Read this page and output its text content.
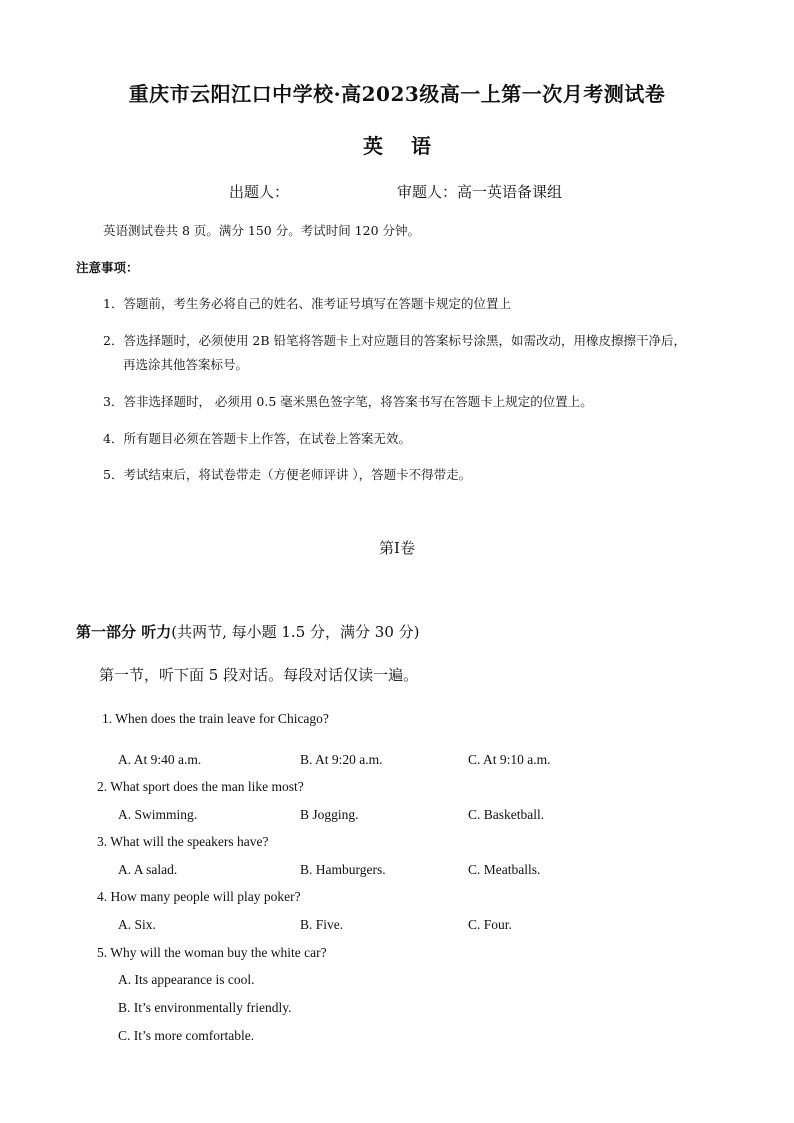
重庆市云阳江口中学校·高2023级高一上第一次月考测试卷
英语
出题人：	审题人：高一英语备课组
英语测试卷共 8 页。满分 150 分。考试时间 120 分钟。
注意事项：
1．答题前，考生务必将自己的姓名、准考证号填写在答题卡规定的位置上
2．答选择题时，必须使用 2B 铅笔将答题卡上对应题目的答案标号涂黑，如需改动，用橡皮擦擦干净后，
再选涂其他答案标号。
3．答非选择题时， 必须用 0.5 毫米黑色签字笔，将答案书写在答题卡上规定的位置上。
4．所有题目必须在答题卡上作答，在试卷上答案无效。
5．考试结束后，将试卷带走（方便老师评讲 ），答题卡不得带走。
第Ⅰ卷
第一部分 听力(共两节, 每小题 1.5 分，满分 30 分)
第一节，听下面 5 段对话。每段对话仅读一遍。
1. When does the train leave for Chicago?
A. At 9:40 a.m.	B. At 9:20 a.m.	C. At 9:10 a.m.
2. What sport does the man like most?
A. Swimming.	B Jogging.	C. Basketball.
3. What will the speakers have?
A. A salad.	B. Hamburgers.	C. Meatballs.
4. How many people will play poker?
A. Six.	B. Five.	C. Four.
5. Why will the woman buy the white car?
A. Its appearance is cool.
B. It’s environmentally friendly.
C. It’s more comfortable.
